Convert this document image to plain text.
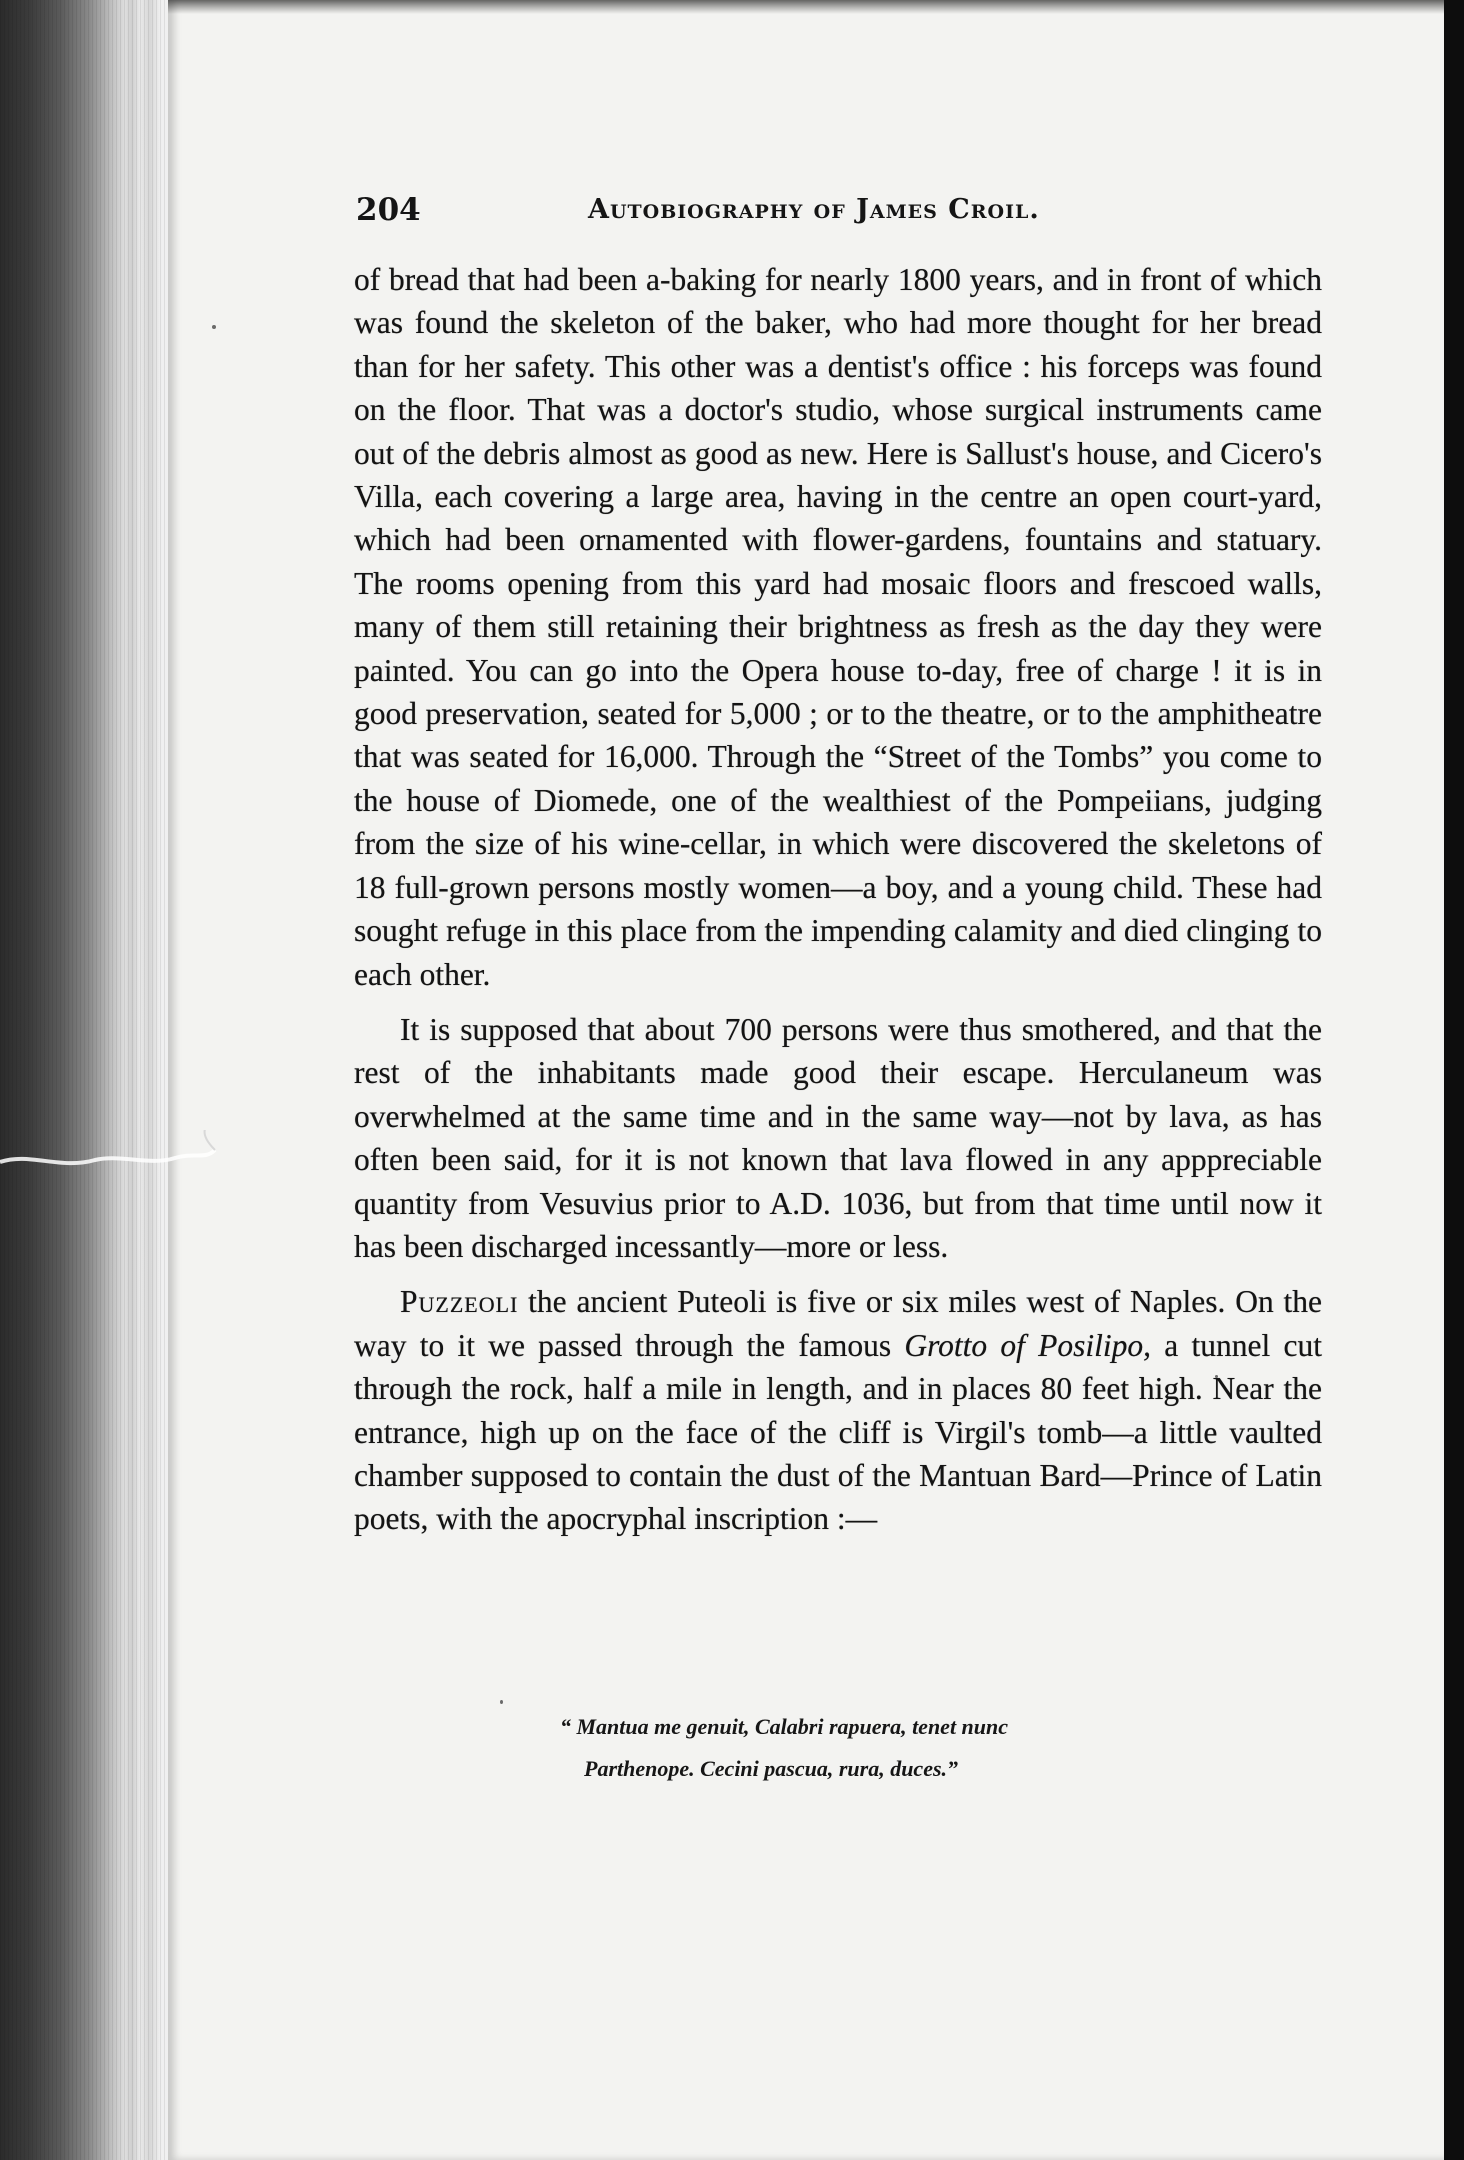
204	Autobiography of James Croil.

of bread that had been a-baking for nearly 1800 years, and in front of which was found the skeleton of the baker, who had more thought for her bread than for her safety. This other was a dentist's office : his forceps was found on the floor. That was a doctor's studio, whose surgical instruments came out of the debris almost as good as new. Here is Sallust's house, and Cicero's Villa, each covering a large area, having in the centre an open court-yard, which had been ornamented with flower-gardens, fountains and statuary. The rooms opening from this yard had mosaic floors and frescoed walls, many of them still retaining their brightness as fresh as the day they were painted. You can go into the Opera house to-day, free of charge ! it is in good preservation, seated for 5,000 ; or to the theatre, or to the amphitheatre that was seated for 16,000. Through the “Street of the Tombs” you come to the house of Diomede, one of the wealthiest of the Pompeiians, judging from the size of his wine-cellar, in which were discovered the skeletons of 18 full-grown persons mostly women—a boy, and a young child. These had sought refuge in this place from the impending calamity and died clinging to each other.

It is supposed that about 700 persons were thus smothered, and that the rest of the inhabitants made good their escape. Herculaneum was overwhelmed at the same time and in the same way—not by lava, as has often been said, for it is not known that lava flowed in any apppreciable quantity from Vesuvius prior to A.D. 1036, but from that time until now it has been discharged incessantly—more or less.

Puzzeoli the ancient Puteoli is five or six miles west of Naples. On the way to it we passed through the famous Grotto of Posilipo, a tunnel cut through the rock, half a mile in length, and in places 80 feet high. Near the entrance, high up on the face of the cliff is Virgil's tomb—a little vaulted chamber supposed to contain the dust of the Mantuan Bard—Prince of Latin poets, with the apocryphal inscription :—

“ Mantua me genuit, Calabri rapuera, tenet nunc
Parthenope. Cecini pascua, rura, duces.”
